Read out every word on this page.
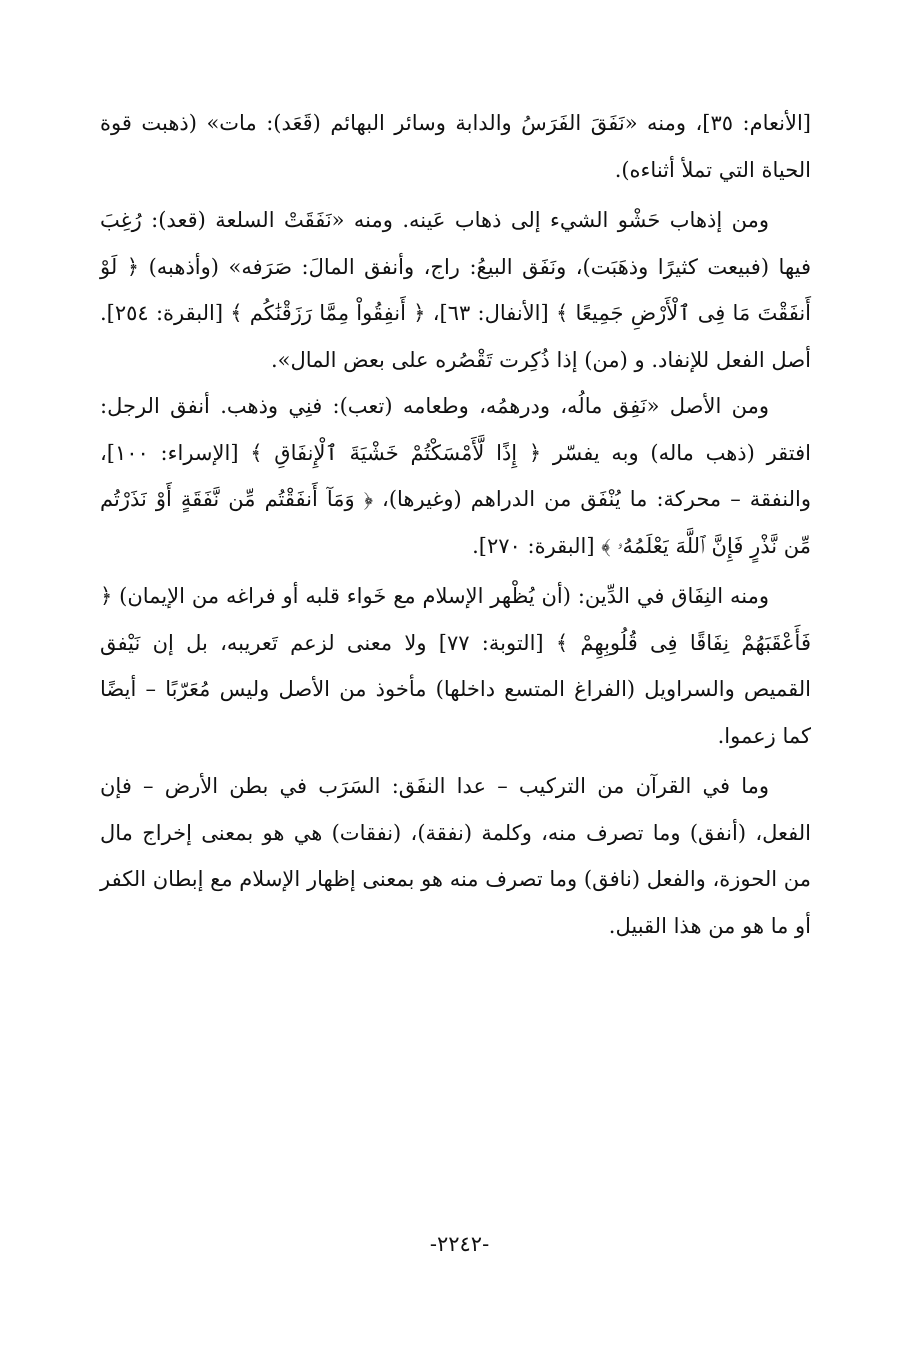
[الأنعام: ٣٥]، ومنه «نَفَقَ الفَرَسُ والدابة وسائر البهائم (قَعَد): مات» (ذهبت قوة الحياة التي تملأ أثناءه).

ومن إذهاب حَشْو الشيء إلى ذهاب عَينه. ومنه «نَفَقَتْ السلعة (قعد): رُغِبَ فيها (فبيعت كثيرًا وذهَبَت)، ونَفَق البيعُ: راج، وأنفق المالَ: صَرَفه» (وأذهبه) ﴿ لَوْ أَنفَقْتَ مَا فِى ٱلْأَرْضِ جَمِيعًا ﴾ [الأنفال: ٦٣]، ﴿ أَنفِقُواْ مِمَّا رَزَقْنَٰكُم ﴾ [البقرة: ٢٥٤]. أصل الفعل للإنفاد. و (من) إذا ذُكِرت تَقْصُره على بعض المال».

ومن الأصل «نَفِق مالُه، ودرهمُه، وطعامه (تعب): فنِي وذهب. أنفق الرجل: افتقر (ذهب ماله) وبه يفسّر ﴿ إِذًا لَّأَمْسَكْتُمْ خَشْيَةَ ٱلْإِنفَاقِ ﴾ [الإسراء: ١٠٠]، والنفقة – محركة: ما يُنْفَق من الدراهم (وغيرها)، ﴿ وَمَآ أَنفَقْتُم مِّن نَّفَقَةٍ أَوْ نَذَرْتُم مِّن نَّذْرٍ فَإِنَّ ٱللَّهَ يَعْلَمُهُۥ ﴾ [البقرة: ٢٧٠].

ومنه النِفَاق في الدِّين: (أن يُظْهر الإسلام مع خَواء قلبه أو فراغه من الإيمان) ﴿ فَأَعْقَبَهُمْ نِفَاقًا فِى قُلُوبِهِمْ ﴾ [التوبة: ٧٧] ولا معنى لزعم تَعريبه، بل إن نَيْفق القميص والسراويل (الفراغ المتسع داخلها) مأخوذ من الأصل وليس مُعَرّبًا – أيضًا كما زعموا.

وما في القرآن من التركيب – عدا النفَق: السَرَب في بطن الأرض – فإن الفعل، (أنفق) وما تصرف منه، وكلمة (نفقة)، (نفقات) هي هو بمعنى إخراج مال من الحوزة، والفعل (نافق) وما تصرف منه هو بمعنى إظهار الإسلام مع إبطان الكفر أو ما هو من هذا القبيل.

-٢٢٤٢-
